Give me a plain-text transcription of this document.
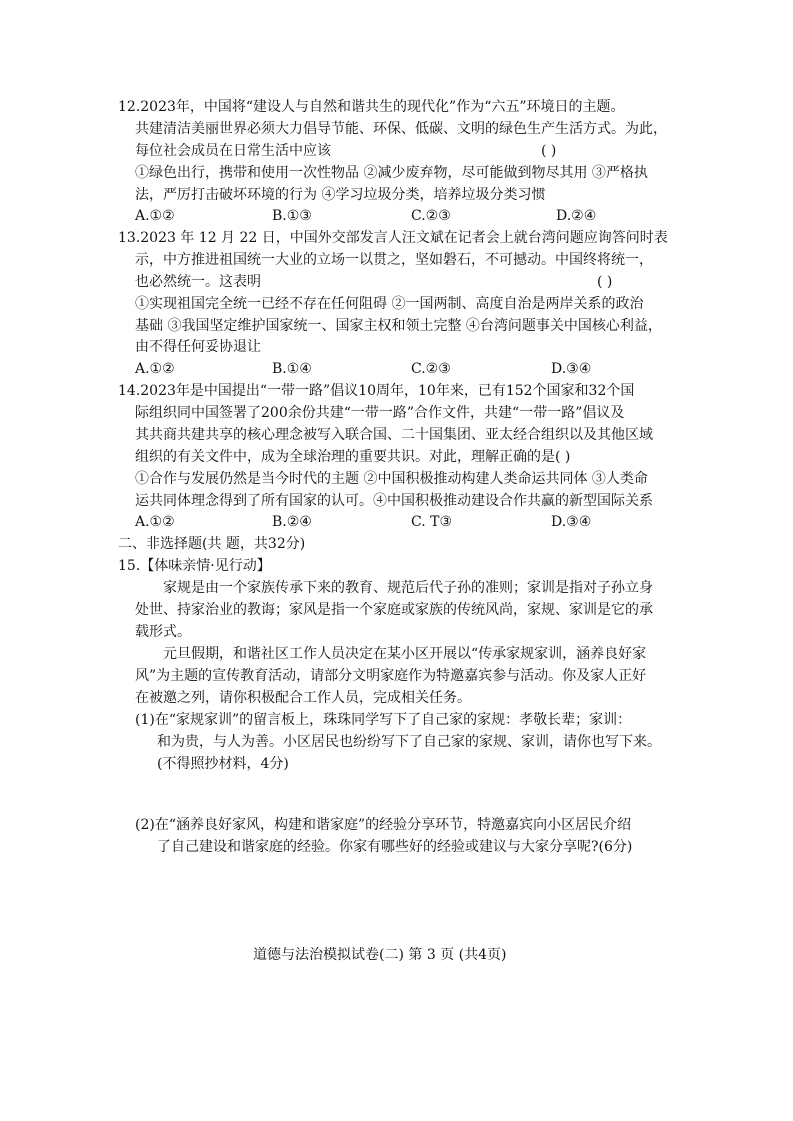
12.2023年，中国将“建设人与自然和谐共生的现代化”作为“六五”环境日的主题。
共建清洁美丽世界必须大力倡导节能、环保、低碳、文明的绿色生产生活方式。为此，
每位社会成员在日常生活中应该	( )
①绿色出行，携带和使用一次性物品 ②减少废弃物，尽可能做到物尽其用 ③严格执
法，严厉打击破坏环境的行为 ④学习垃圾分类，培养垃圾分类习惯
A.①②	B.①③	C.②③	D.②④
13.2023 年 12 月 22 日，中国外交部发言人汪文斌在记者会上就台湾问题应询答问时表
示，中方推进祖国统一大业的立场一以贯之，坚如磐石，不可撼动。中国终将统一，
也必然统一。这表明	( )
①实现祖国完全统一已经不存在任何阻碍 ②一国两制、高度自治是两岸关系的政治
基础 ③我国坚定维护国家统一、国家主权和领土完整 ④台湾问题事关中国核心利益，
由不得任何妥协退让
A.①②	B.①④	C.②③	D.③④
14.2023年是中国提出“一带一路”倡议10周年，10年来，已有152个国家和32个国
际组织同中国签署了200余份共建“一带一路”合作文件，共建“一带一路”倡议及
其共商共建共享的核心理念被写入联合国、二十国集团、亚太经合组织以及其他区域
组织的有关文件中，成为全球治理的重要共识。对此，理解正确的是( )
①合作与发展仍然是当今时代的主题 ②中国积极推动构建人类命运共同体 ③人类命
运共同体理念得到了所有国家的认可。④中国积极推动建设合作共赢的新型国际关系
A.①②	B.②④	C. T③	D.③④
二、非选择题(共 题，共32分)
15.【体味亲情·见行动】
家规是由一个家族传承下来的教育、规范后代子孙的准则；家训是指对子孙立身
处世、持家治业的教诲；家风是指一个家庭或家族的传统风尚，家规、家训是它的承
载形式。
元旦假期，和谐社区工作人员决定在某小区开展以“传承家规家训，涵养良好家
风”为主题的宣传教育活动，请部分文明家庭作为特邀嘉宾参与活动。你及家人正好
在被邀之列，请你积极配合工作人员，完成相关任务。
(1)在“家规家训”的留言板上，珠珠同学写下了自己家的家规：孝敬长辈；家训：
和为贵，与人为善。小区居民也纷纷写下了自己家的家规、家训，请你也写下来。
(不得照抄材料，4分)
(2)在“涵养良好家风，构建和谐家庭”的经验分享环节，特邀嘉宾向小区居民介绍
了自己建设和谐家庭的经验。你家有哪些好的经验或建议与大家分享呢?(6分)
道德与法治模拟试卷(二) 第 3 页 (共4页)
